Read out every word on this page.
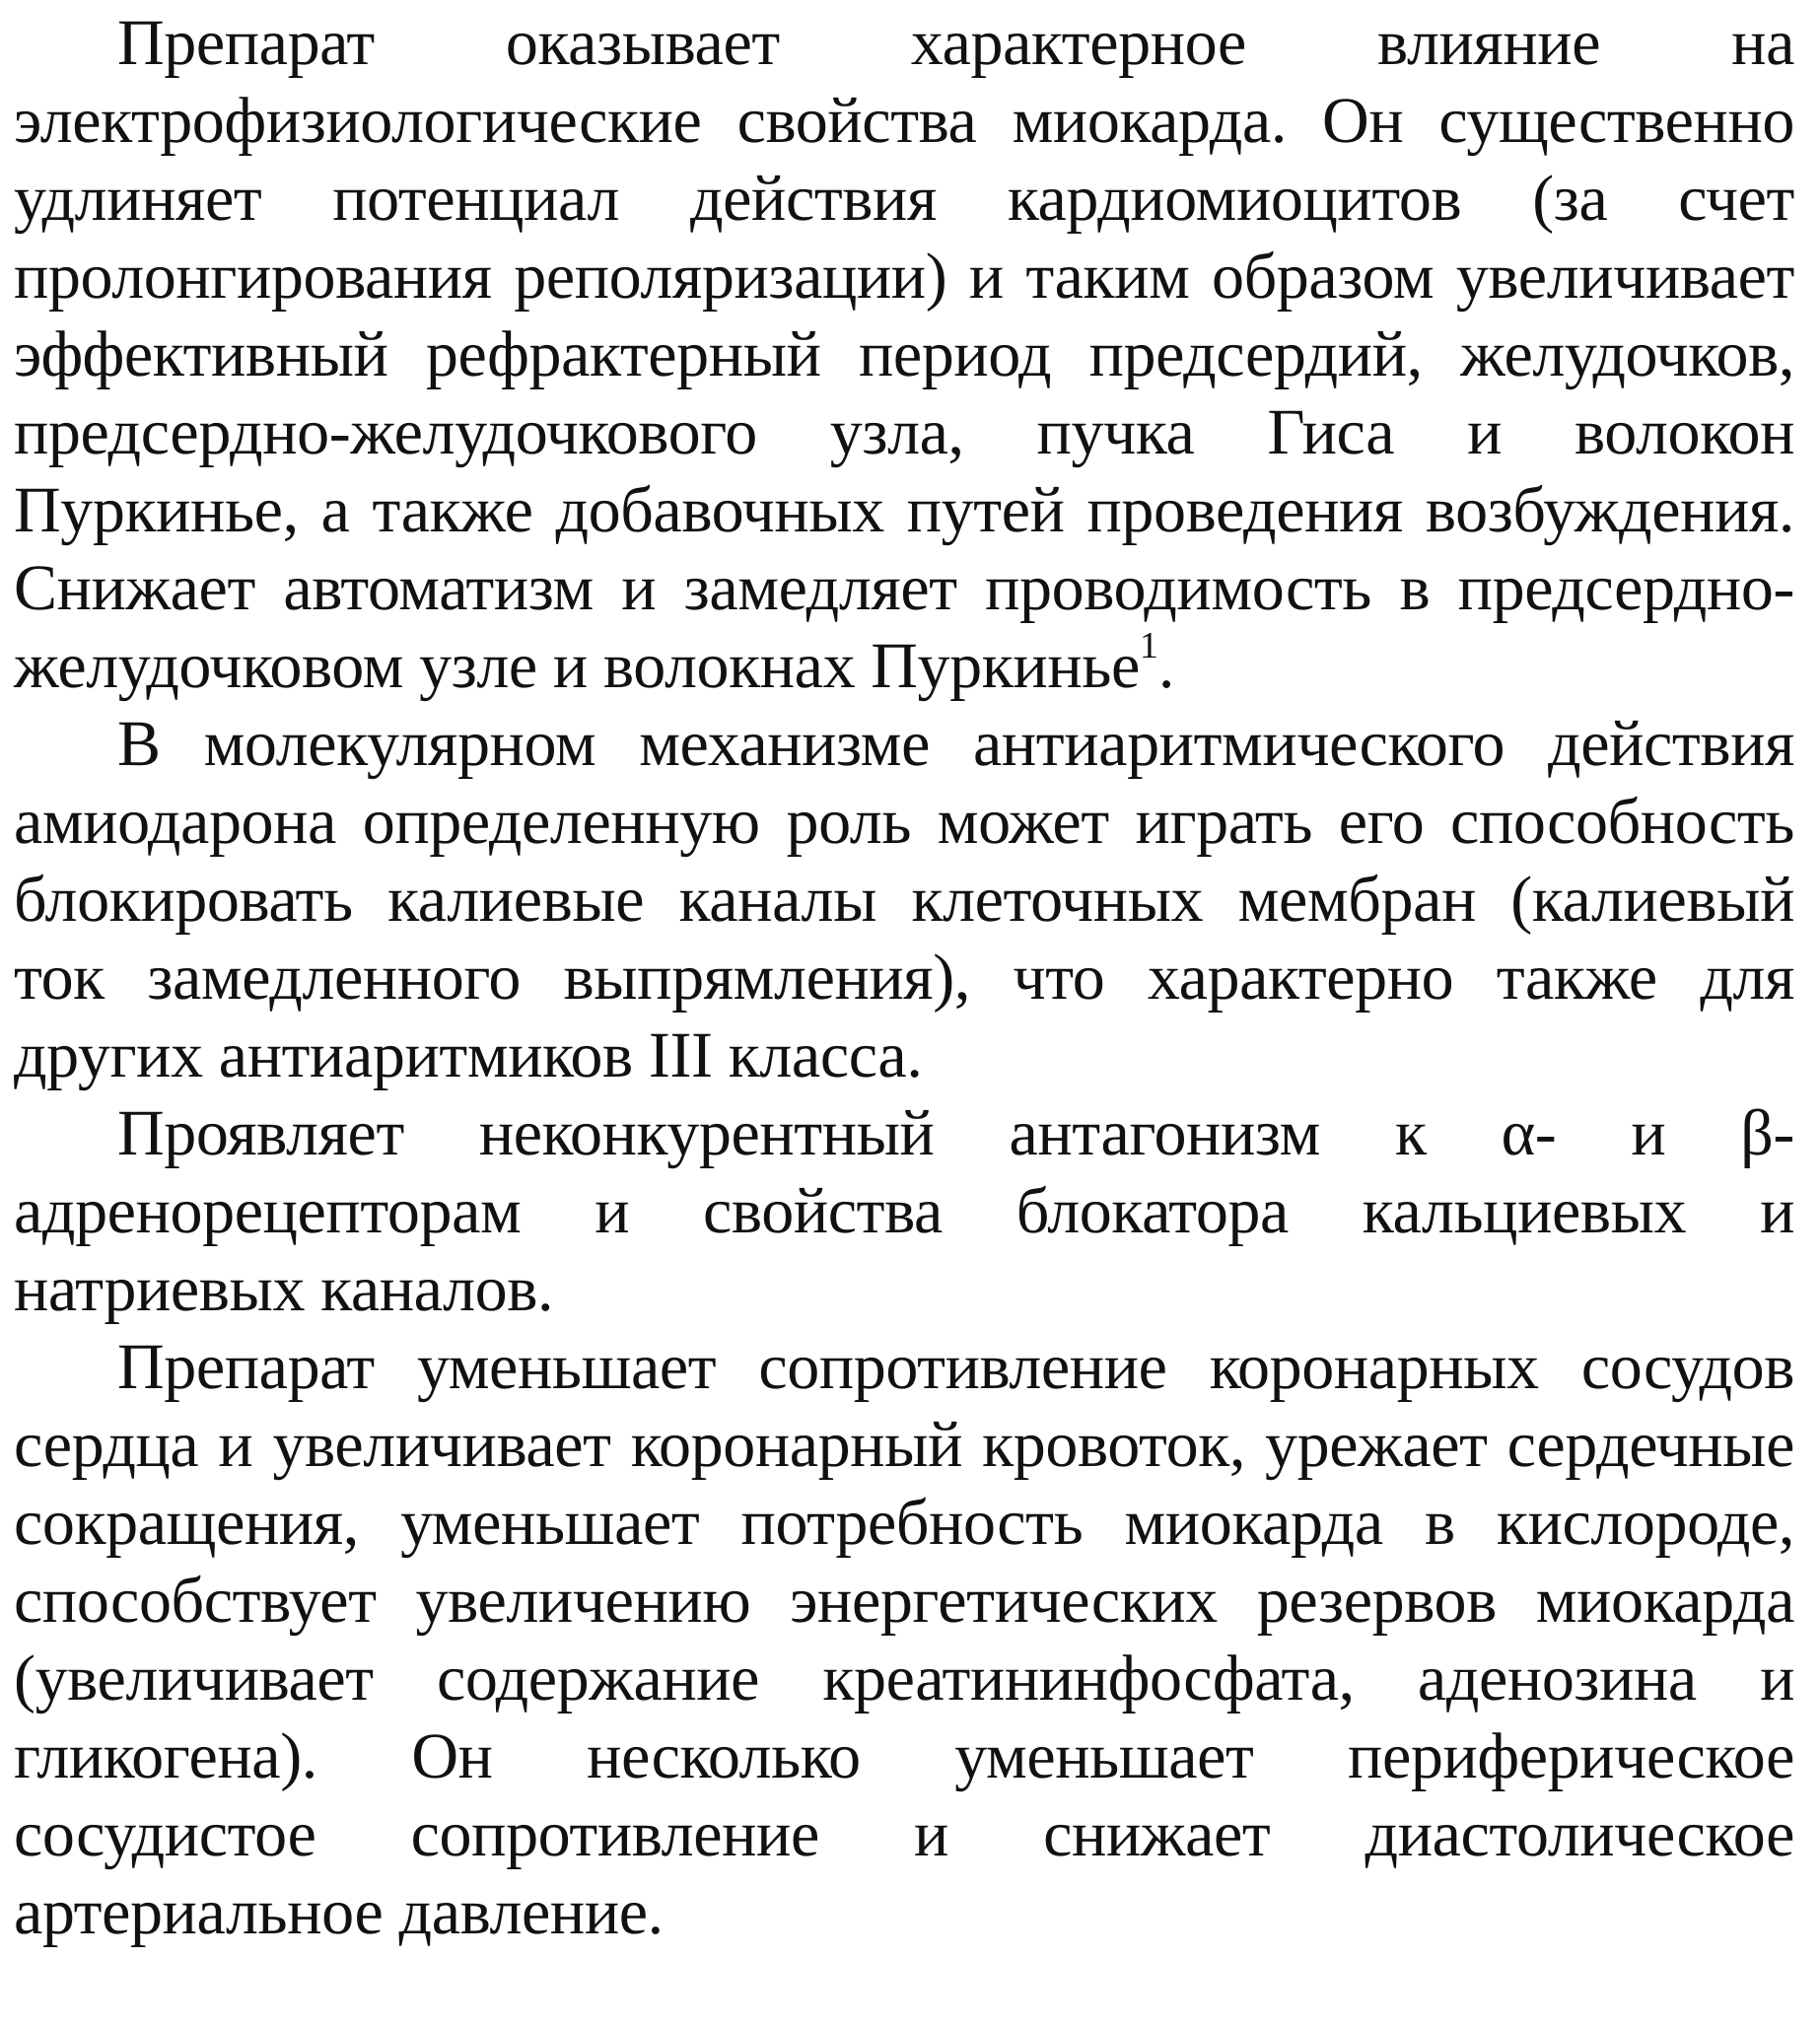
Препарат оказывает характерное влияние на электрофизиологические свойства миокарда. Он существенно удлиняет потенциал действия кардиомиоцитов (за счет пролонгирования реполяризации) и таким образом увеличивает эффективный рефрактерный период предсердий, желудочков, предсердно-желудочкового узла, пучка Гиса и волокон Пуркинье, а также добавочных путей проведения возбуждения. Снижает автоматизм и замедляет проводимость в предсердно-желудочковом узле и волокнах Пуркинье$^1$.

В молекулярном механизме антиаритмического действия амиодарона определенную роль может играть его способность блокировать калиевые каналы клеточных мембран (калиевый ток замедленного выпрямления), что характерно также для других антиаритмиков III класса.

Проявляет неконкурентный антагонизм к α- и β-адренорецепторам и свойства блокатора кальциевых и натриевых каналов.

Препарат уменьшает сопротивление коронарных сосудов сердца и увеличивает коронарный кровоток, урежает сердечные сокращения, уменьшает потребность миокарда в кислороде, способствует увеличению энергетических резервов миокарда (увеличивает содержание креатининфосфата, аденозина и гликогена). Он несколько уменьшает периферическое сосудистое сопротивление и снижает диастолическое артериальное давление.
